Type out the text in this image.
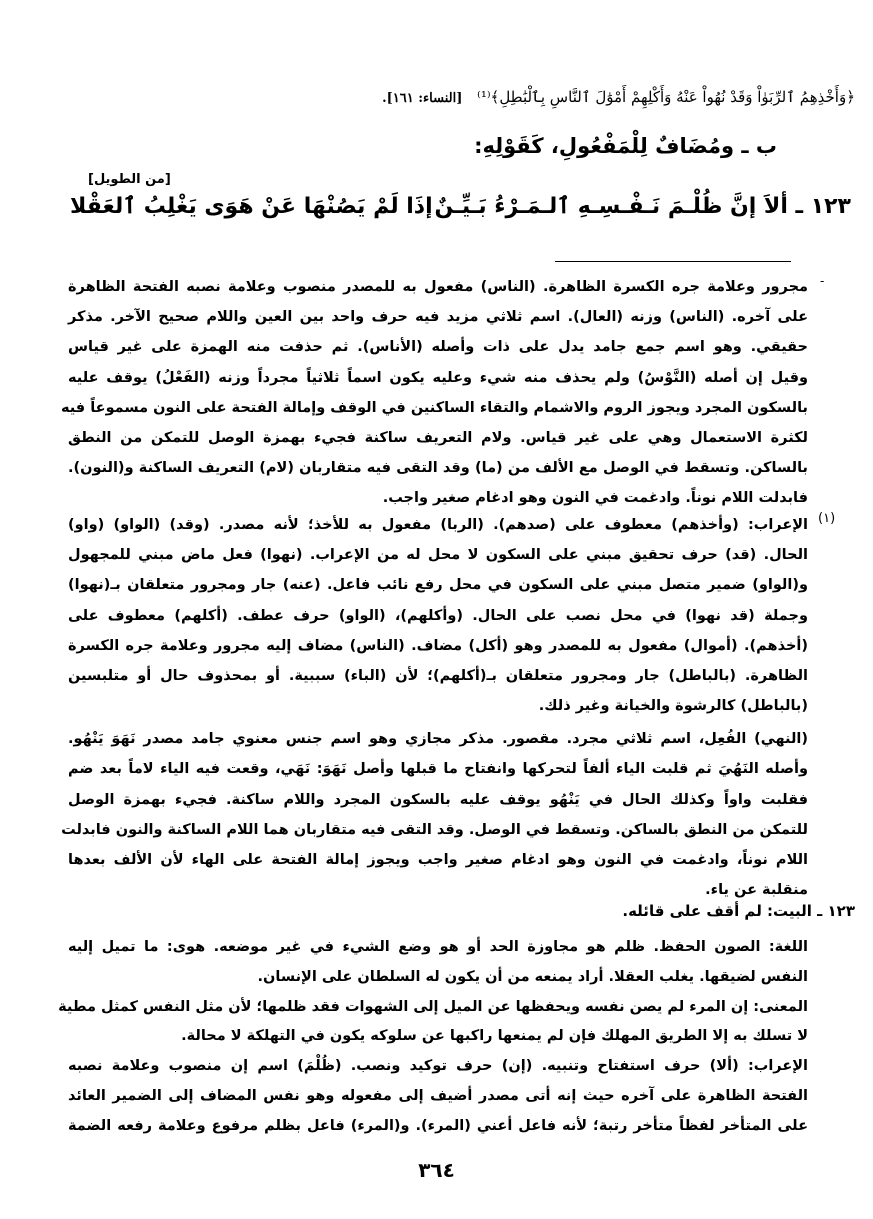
﴿وَأَخْذِهِمُ ٱلرِّبَوٰاْ وَقَدْ نُهُواْ عَنْهُ وَأَكْلِهِمْ أَمْوَٰلَ ٱلنَّاسِ بِٱلْبَٰطِلِ﴾⁽¹⁾ [النساء: ١٦١].
ب ـ ومُضَافٌ لِلْمَفْعُولِ، كَقَوْلِهِ:
[من الطويل]
١٢٣ ـ ألاَ إنَّ ظُلْـمَ نَـفْـسِـهِ ٱلـمَـرْءُ بَـيِّـنٌ
إذَا لَمْ يَصُنْهَا عَنْ هَوَى يَغْلِبُ ٱلعَقْلا
-
مجرور وعلامة جره الكسرة الظاهرة. (الناس) مفعول به للمصدر منصوب وعلامة نصبه الفتحة الظاهرة
على آخره. (الناس) وزنه (العال). اسم ثلاثي مزيد فيه حرف واحد بين العين واللام صحيح الآخر. مذكر
حقيقي. وهو اسم جمع جامد يدل على ذات وأصله (الأناس). ثم حذفت منه الهمزة على غير قياس
وقيل إن أصله (النَّوْسُ) ولم يحذف منه شيء وعليه يكون اسماً ثلاثياً مجرداً وزنه (الفَعْلُ) يوقف عليه
بالسكون المجرد ويجوز الروم والاشمام والتقاء الساكنين في الوقف وإمالة الفتحة على النون مسموعاً فيه
لكثرة الاستعمال وهي على غير قياس. ولام التعريف ساكنة فجيء بهمزة الوصل للتمكن من النطق
بالساكن. وتسقط في الوصل مع الألف من (ما) وقد التقى فيه متقاربان (لام) التعريف الساكنة و(النون).
فابدلت اللام نوناً. وادغمت في النون وهو ادغام صغير واجب.
(١)
الإعراب: (وأخذهم) معطوف على (صدهم). (الربا) مفعول به للأخذ؛ لأنه مصدر. (وقد) (الواو) (واو)
الحال. (قد) حرف تحقيق مبني على السكون لا محل له من الإعراب. (نهوا) فعل ماض مبني للمجهول
و(الواو) ضمير متصل مبني على السكون في محل رفع نائب فاعل. (عنه) جار ومجرور متعلقان بـ(نهوا)
وجملة (قد نهوا) في محل نصب على الحال. (وأكلهم)، (الواو) حرف عطف. (أكلهم) معطوف على
(أخذهم). (أموال) مفعول به للمصدر وهو (أكل) مضاف. (الناس) مضاف إليه مجرور وعلامة جره الكسرة
الظاهرة. (بالباطل) جار ومجرور متعلقان بـ(أكلهم)؛ لأن (الباء) سببية. أو بمحذوف حال أو متلبسين
(بالباطل) كالرشوة والخيانة وغير ذلك.
(النهي) الفُعِل، اسم ثلاثي مجرد. مقصور. مذكر مجازي وهو اسم جنس معنوي جامد مصدر نَهَوَ يَنْهُو.
وأصله النَهُيَ ثم قلبت الياء ألفاً لتحركها وانفتاح ما قبلها وأصل نَهَوَ: نَهَي، وقعت فيه الياء لاماً بعد ضم
فقلبت واواً وكذلك الحال في يَنْهُو يوقف عليه بالسكون المجرد واللام ساكنة. فجيء بهمزة الوصل
للتمكن من النطق بالساكن. وتسقط في الوصل. وقد التقى فيه متقاربان هما اللام الساكنة والنون فابدلت
اللام نوناً، وادغمت في النون وهو ادغام صغير واجب ويجوز إمالة الفتحة على الهاء لأن الألف بعدها
منقلبة عن ياء.
١٢٣ ـ البيت: لم أقف على قائله.
اللغة: الصون الحفظ. ظلم هو مجاوزة الحد أو هو وضع الشيء في غير موضعه. هوى: ما تميل إليه
النفس لضيقها. يغلب العقلا. أراد يمنعه من أن يكون له السلطان على الإنسان.
المعنى: إن المرء لم يصن نفسه ويحفظها عن الميل إلى الشهوات فقد ظلمها؛ لأن مثل النفس كمثل مطية
لا تسلك به إلا الطريق المهلك فإن لم يمنعها راكبها عن سلوكه يكون في التهلكة لا محالة.
الإعراب: (ألا) حرف استفتاح وتنبيه. (إن) حرف توكيد ونصب. (ظُلْمَ) اسم إن منصوب وعلامة نصبه
الفتحة الظاهرة على آخره حيث إنه أتى مصدر أضيف إلى مفعوله وهو نفس المضاف إلى الضمير العائد
على المتأخر لفظاً متأخر رتبة؛ لأنه فاعل أعني (المرء). و(المرء) فاعل بظلم مرفوع وعلامة رفعه الضمة
٣٦٤
